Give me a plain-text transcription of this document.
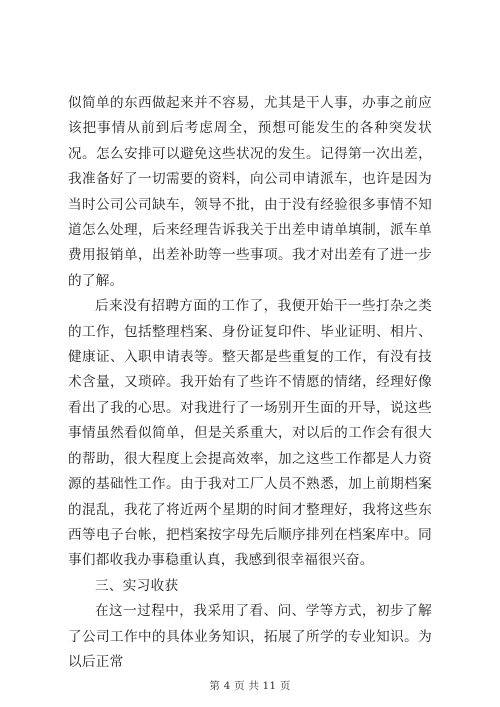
似简单的东西做起来并不容易，尤其是干人事，办事之前应该把事情从前到后考虑周全，预想可能发生的各种突发状况。怎么安排可以避免这些状况的发生。记得第一次出差，我准备好了一切需要的资料，向公司申请派车，也许是因为当时公司公司缺车，领导不批，由于没有经验很多事情不知道怎么处理，后来经理告诉我关于出差申请单填制，派车单费用报销单，出差补助等一些事项。我才对出差有了进一步的了解。

后来没有招聘方面的工作了，我便开始干一些打杂之类的工作，包括整理档案、身份证复印件、毕业证明、相片、健康证、入职申请表等。整天都是些重复的工作，有没有技术含量，又琐碎。我开始有了些许不情愿的情绪，经理好像看出了我的心思。对我进行了一场别开生面的开导，说这些事情虽然看似简单，但是关系重大，对以后的工作会有很大的帮助，很大程度上会提高效率，加之这些工作都是人力资源的基础性工作。由于我对工厂人员不熟悉，加上前期档案的混乱，我花了将近两个星期的时间才整理好，我将这些东西等电子台帐，把档案按字母先后顺序排列在档案库中。同事们都收我办事稳重认真，我感到很幸福很兴奋。

三、实习收获

在这一过程中，我采用了看、问、学等方式，初步了解了公司工作中的具体业务知识，拓展了所学的专业知识。为以后正常

第 4 页 共 11 页
